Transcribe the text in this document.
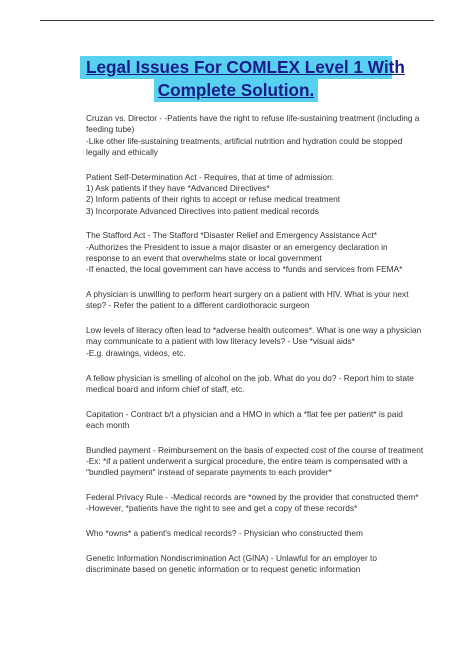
Legal Issues For COMLEX Level 1 With
Complete Solution.
Cruzan vs. Director - -Patients have the right to refuse life-sustaining treatment (including a
feeding tube)
-Like other life-sustaining treatments, artificial nutrition and hydration could be stopped
legally and ethically
Patient Self-Determination Act - Requires, that at time of admission:
1) Ask patients if they have *Advanced Directives*
2) Inform patients of their rights to accept or refuse medical treatment
3) Incorporate Advanced Directives into patient medical records
The Stafford Act - The Stafford *Disaster Relief and Emergency Assistance Act*
-Authorizes the President to issue a major disaster or an emergency declaration in
response to an event that overwhelms state or local government
-If enacted, the local government can have access to *funds and services from FEMA*
A physician is unwilling to perform heart surgery on a patient with HIV. What is your next
step? - Refer the patient to a different cardiothoracic surgeon
Low levels of literacy often lead to *adverse health outcomes*. What is one way a physician
may communicate to a patient with low literacy levels? - Use *visual aids*
-E.g. drawings, videos, etc.
A fellow physician is smelling of alcohol on the job. What do you do? - Report him to state
medical board and inform chief of staff, etc.
Capitation - Contract b/t a physician and a HMO in which a *flat fee per patient* is paid
each month
Bundled payment - Reimbursement on the basis of expected cost of the course of treatment
-Ex: *if a patient underwent a surgical procedure, the entire team is compensated with a
"bundled payment" instead of separate payments to each provider*
Federal Privacy Rule - -Medical records are *owned by the provider that constructed them*
-However, *patients have the right to see and get a copy of these records*
Who *owns* a patient's medical records? - Physician who constructed them
Genetic Information Nondiscrimination Act (GINA) - Unlawful for an employer to
discriminate based on genetic information or to request genetic information
